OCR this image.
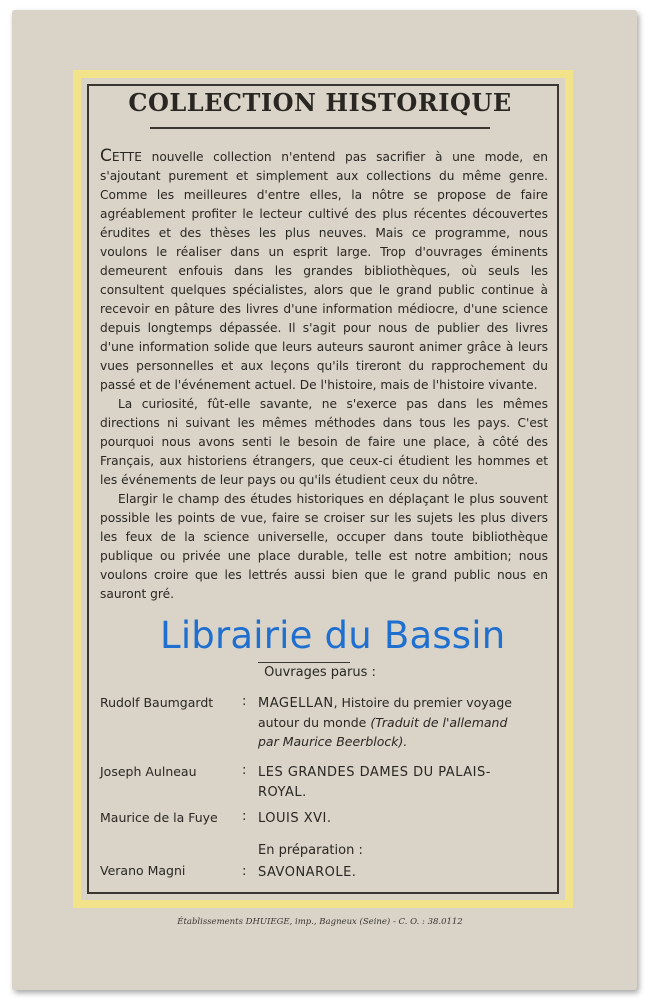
COLLECTION HISTORIQUE

CETTE nouvelle collection n'entend pas sacrifier à une mode, en s'ajoutant purement et simplement aux collections du même genre. Comme les meilleures d'entre elles, la nôtre se propose de faire agréablement profiter le lecteur cultivé des plus récentes découvertes érudites et des thèses les plus neuves. Mais ce programme, nous voulons le réaliser dans un esprit large. Trop d'ouvrages éminents demeurent enfouis dans les grandes bibliothèques, où seuls les consultent quelques spécialistes, alors que le grand public continue à recevoir en pâture des livres d'une information médiocre, d'une science depuis longtemps dépassée. Il s'agit pour nous de publier des livres d'une information solide que leurs auteurs sauront animer grâce à leurs vues personnelles et aux leçons qu'ils tireront du rapprochement du passé et de l'événement actuel. De l'histoire, mais de l'histoire vivante.

La curiosité, fût-elle savante, ne s'exerce pas dans les mêmes directions ni suivant les mêmes méthodes dans tous les pays. C'est pourquoi nous avons senti le besoin de faire une place, à côté des Français, aux historiens étrangers, que ceux-ci étudient les hommes et les événements de leur pays ou qu'ils étudient ceux du nôtre.

Elargir le champ des études historiques en déplaçant le plus souvent possible les points de vue, faire se croiser sur les sujets les plus divers les feux de la science universelle, occuper dans toute bibliothèque publique ou privée une place durable, telle est notre ambition; nous voulons croire que les lettrés aussi bien que le grand public nous en sauront gré.

Ouvrages parus :
Rudolf Baumgardt : MAGELLAN, Histoire du premier voyage autour du monde (Traduit de l'allemand par Maurice Beerblock).
Joseph Aulneau	: LES GRANDES DAMES DU PALAIS-ROYAL.
Maurice de la Fuye : LOUIS XVI.
En préparation :
Verano Magni	: SAVONAROLE.
Librairie du Bassin
Établissements DHUIEGE, imp., Bagneux (Seine) - C. O. : 38.0112
